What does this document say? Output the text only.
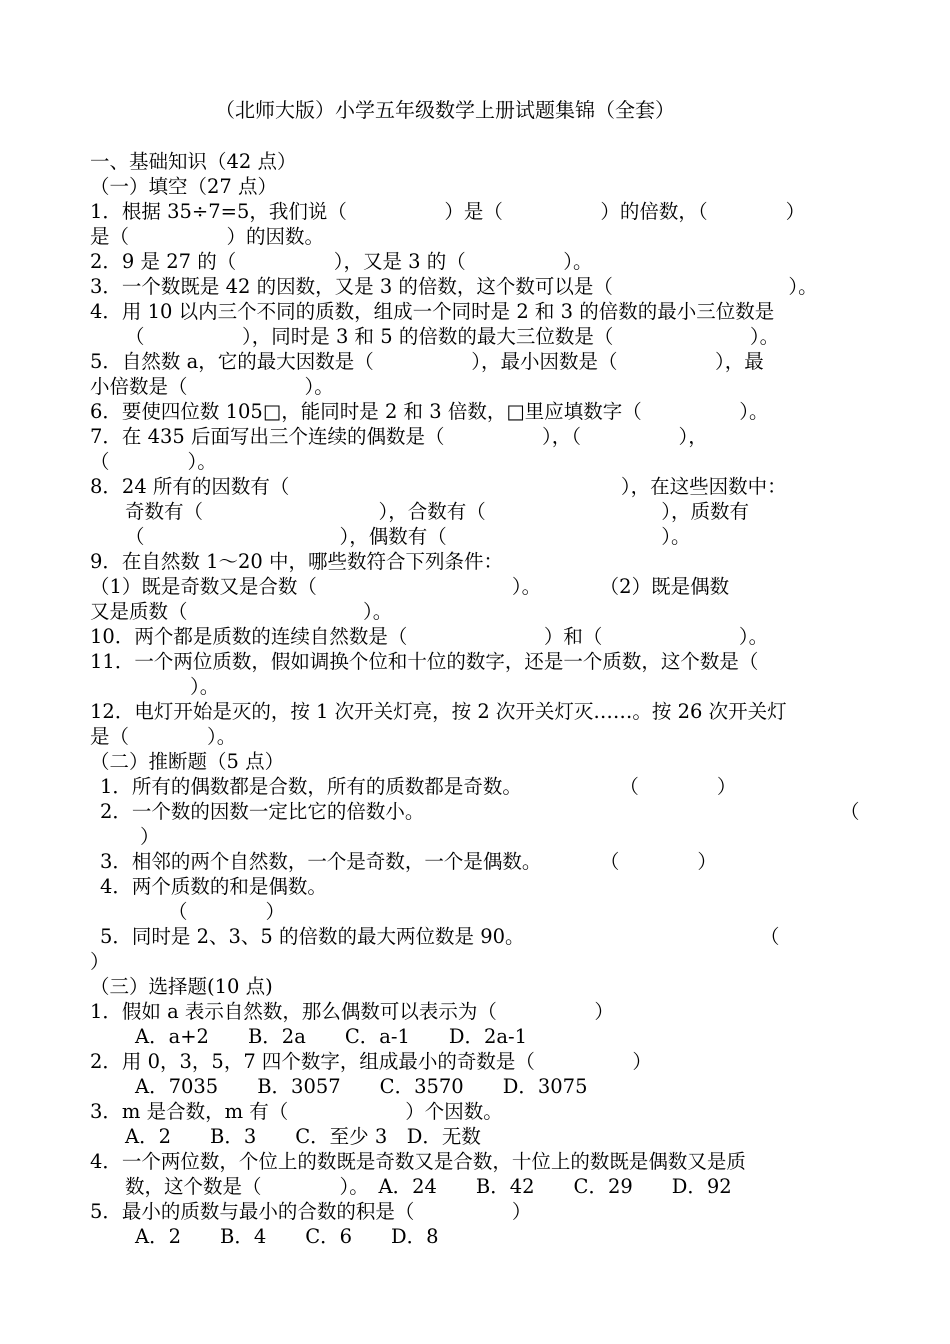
（北师大版）小学五年级数学上册试题集锦（全套）
一、基础知识（42 点）
（一）填空（27 点）
1．根据 35÷7=5，我们说（　　　　　）是（　　　　　）的倍数，（　　　　）
是（　　　　　）的因数。
2．9 是 27 的（　　　　　），又是 3 的（　　　　　）。
3．一个数既是 42 的因数，又是 3 的倍数，这个数可以是（　　　　　　　　　）。
4．用 10 以内三个不同的质数，组成一个同时是 2 和 3 的倍数的最小三位数是
（　　　　　），同时是 3 和 5 的倍数的最大三位数是（　　　　　　　）。
5．自然数 a，它的最大因数是（　　　　　），最小因数是（　　　　　），最
小倍数是（　　　　　　）。
6．要使四位数 105□，能同时是 2 和 3 倍数，□里应填数字（　　　　　）。
7．在 435 后面写出三个连续的偶数是（　　　　　），（　　　　　），
（　　　　）。
8．24 所有的因数有（　　　　　　　　　　　　　　　　　），在这些因数中：
奇数有（　　　　　　　　　），合数有（　　　　　　　　　），质数有
（　　　　　　　　　　），偶数有（　　　　　　　　　　　）。
9．在自然数 1～20 中，哪些数符合下列条件：
（1）既是奇数又是合数（　　　　　　　　　　）。　　　　（2）既是偶数
又是质数（　　　　　　　　　）。
10．两个都是质数的连续自然数是（　　　　　　　）和（　　　　　　　）。
11．一个两位质数，假如调换个位和十位的数字，还是一个质数，这个数是（
）。
12．电灯开始是灭的，按 1 次开关灯亮，按 2 次开关灯灭……。按 26 次开关灯
是（　　　　）。
（二）推断题（5 点）
1．所有的偶数都是合数，所有的质数都是奇数。　　　　　　（　　　　）
2．一个数的因数一定比它的倍数小。	（
）
3．相邻的两个自然数，一个是奇数，一个是偶数。　　　　（　　　　）
4．两个质数的和是偶数。
（　　　　）
5．同时是 2、3、5 的倍数的最大两位数是 90。	（
）
（三）选择题(10 点)
1．假如 a 表示自然数，那么偶数可以表示为（　　　　　）
A．a+2　　B．2a　　C．a-1　　D．2a-1
2．用 0，3，5，7 四个数字，组成最小的奇数是（　　　　　）
A．7035　　B．3057　　C．3570　　D．3075
3．m 是合数，m 有（　　　　　　）个因数。
A．2　　B．3　　C．至少 3　D．无数
4．一个两位数，个位上的数既是奇数又是合数，十位上的数既是偶数又是质
数，这个数是（　　　　）。　A．24　　B．42　　C．29　　D．92
5．最小的质数与最小的合数的积是（　　　　　）
A．2　　B．4　　C．6　　D．8
